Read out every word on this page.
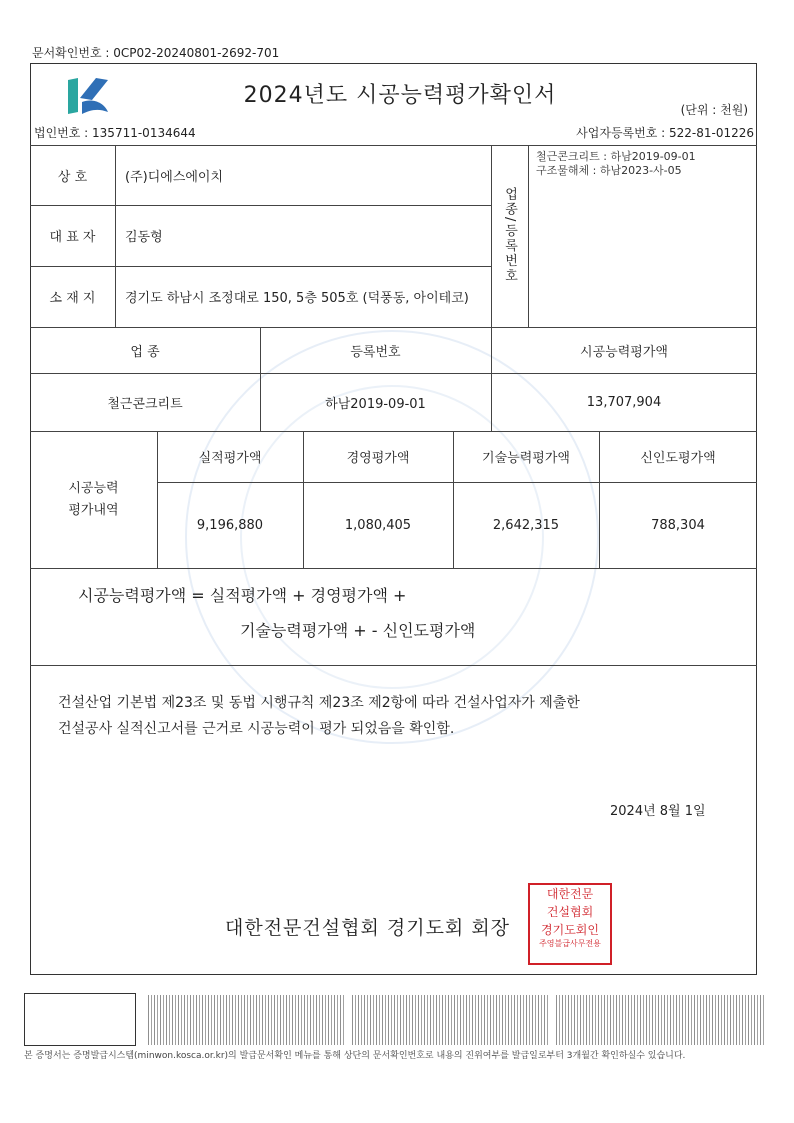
문서확인번호 : 0CP02-20240801-2692-701
2024년도 시공능력평가확인서
(단위 : 천원)
법인번호 : 135711-0134644	사업자등록번호 : 522-81-01226
상 호	(주)디에스에이치
대 표 자	김동형
소 재 지	경기도 하남시 조정대로 150, 5층 505호 (덕풍동, 아이테코)
업종/등록번호
철근콘크리트 : 하남2019-09-01
구조물해체 : 하남2023-사-05
업 종	등록번호	시공능력평가액
철근콘크리트	하남2019-09-01	13,707,904
시공능력
평가내역
실적평가액	경영평가액	기술능력평가액	신인도평가액
9,196,880	1,080,405	2,642,315	788,304
시공능력평가액 = 실적평가액 + 경영평가액 +
기술능력평가액 + - 신인도평가액
건설산업 기본법 제23조 및 동법 시행규칙 제23조 제2항에 따라 건설사업자가 제출한
건설공사 실적신고서를 근거로 시공능력이 평가 되었음을 확인함.
2024년 8월 1일
대한전문건설협회 경기도회 회장
대한전문
건설협회
경기도회인
주영블급사무전용
본 증명서는 증명발급시스템(minwon.kosca.or.kr)의 발급문서확인 메뉴를 통해 상단의 문서확인번호로 내용의 진위여부를 발급일로부터 3개월간 확인하실수 있습니다.
